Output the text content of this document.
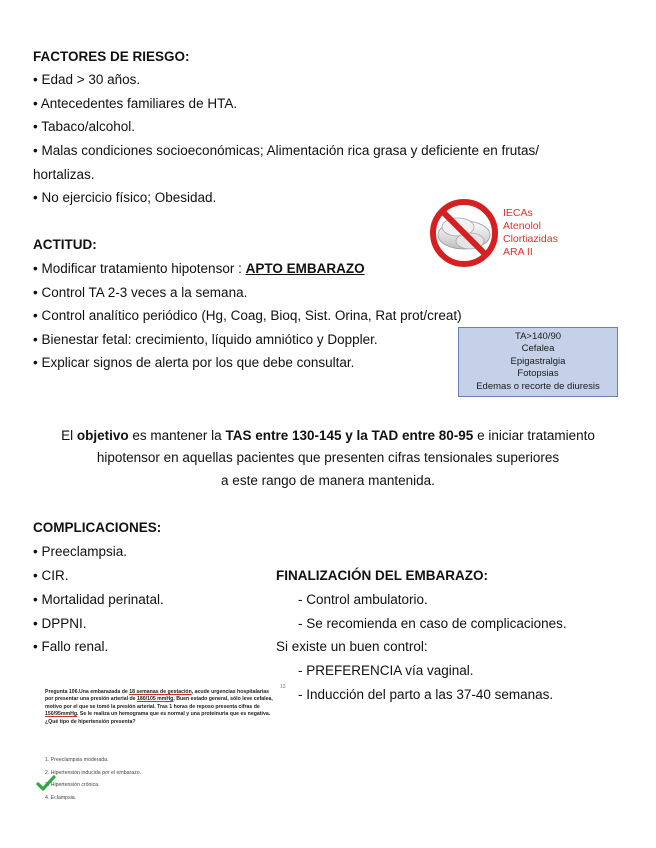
FACTORES DE RIESGO:
• Edad > 30 años.
• Antecedentes familiares de HTA.
• Tabaco/alcohol.
• Malas condiciones socioeconómicas; Alimentación rica grasa y deficiente en frutas/
hortalizas.
• No ejercicio físico; Obesidad.
IECAs
Atenolol
Clortiazidas
ARA II
ACTITUD:
• Modificar tratamiento hipotensor : APTO EMBARAZO
• Control TA 2-3 veces a la semana.
• Control analítico periódico (Hg, Coag, Bioq, Sist. Orina, Rat prot/creat)
• Bienestar fetal: crecimiento, líquido amniótico y Doppler.
• Explicar signos de alerta por los que debe consultar.
TA>140/90
Cefalea
Epigastralgia
Fotopsias
Edemas o recorte de diuresis
El objetivo es mantener la TAS entre 130-145 y la TAD entre 80-95 e iniciar tratamiento
hipotensor en aquellas pacientes que presenten cifras tensionales superiores
a este rango de manera mantenida.
COMPLICACIONES:
• Preeclampsia.
• CIR.
• Mortalidad perinatal.
• DPPNI.
• Fallo renal.
FINALIZACIÓN DEL EMBARAZO:
- Control ambulatorio.
- Se recomienda en caso de complicaciones.
Si existe un buen control:
- PREFERENCIA vía vaginal.
- Inducción del parto a las 37-40 semanas.
13
Pregunta 106.Una embarazada de 18 semanas de gestación, acude urgencias hospitalarias por presentar una presión arterial de 180/105 mmHg. Buen estado general, sólo leve cefalea, motivo por el que se tomó la presión arterial. Tras 1 horas de reposo presenta cifras de 150/95mmHg. Se le realiza un hemograma que es normal y una proteinuria que es negativa. ¿Qué tipo de hipertensión presenta?
1. Preeclampsia moderada.
2. Hipertensión inducida por el embarazo.
3. Hipertensión crónica.
4. Eclampsia.
